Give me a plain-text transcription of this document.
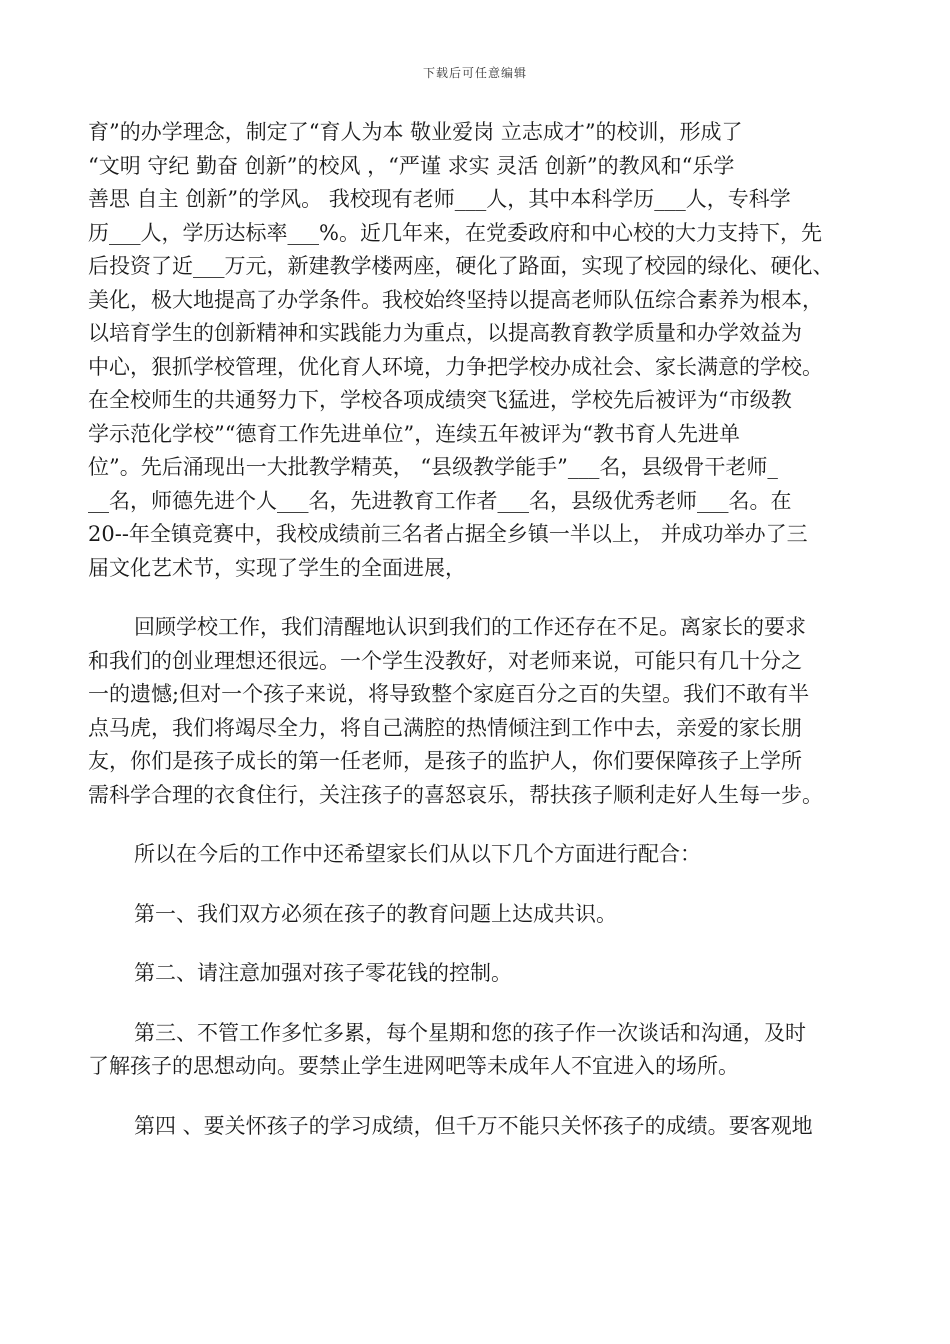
下载后可任意编辑
育”的办学理念，制定了“育人为本 敬业爱岗 立志成才”的校训，形成了
“文明 守纪 勤奋 创新”的校风 ，“严谨 求实 灵活 创新”的教风和“乐学
善思 自主 创新”的学风。 我校现有老师___人，其中本科学历___人，专科学
历___人，学历达标率___%。近几年来，在党委政府和中心校的大力支持下，先
后投资了近___万元，新建教学楼两座，硬化了路面，实现了校园的绿化、硬化、
美化，极大地提高了办学条件。我校始终坚持以提高老师队伍综合素养为根本，
以培育学生的创新精神和实践能力为重点，以提高教育教学质量和办学效益为
中心，狠抓学校管理，优化育人环境，力争把学校办成社会、家长满意的学校。
在全校师生的共通努力下，学校各项成绩突飞猛进，学校先后被评为“市级教
学示范化学校”“德育工作先进单位”，连续五年被评为“教书育人先进单
位”。先后涌现出一大批教学精英， “县级教学能手”___名，县级骨干老师_
__名，师德先进个人___名，先进教育工作者___名，县级优秀老师___名。在
20--年全镇竞赛中，我校成绩前三名者占据全乡镇一半以上， 并成功举办了三
届文化艺术节，实现了学生的全面进展，
回顾学校工作，我们清醒地认识到我们的工作还存在不足。离家长的要求
和我们的创业理想还很远。一个学生没教好，对老师来说，可能只有几十分之
一的遗憾;但对一个孩子来说，将导致整个家庭百分之百的失望。我们不敢有半
点马虎，我们将竭尽全力，将自己满腔的热情倾注到工作中去，亲爱的家长朋
友，你们是孩子成长的第一任老师，是孩子的监护人，你们要保障孩子上学所
需科学合理的衣食住行，关注孩子的喜怒哀乐，帮扶孩子顺利走好人生每一步。
所以在今后的工作中还希望家长们从以下几个方面进行配合：
第一、我们双方必须在孩子的教育问题上达成共识。
第二、请注意加强对孩子零花钱的控制。
第三、不管工作多忙多累，每个星期和您的孩子作一次谈话和沟通，及时
了解孩子的思想动向。要禁止学生进网吧等未成年人不宜进入的场所。
第四 、要关怀孩子的学习成绩，但千万不能只关怀孩子的成绩。要客观地
